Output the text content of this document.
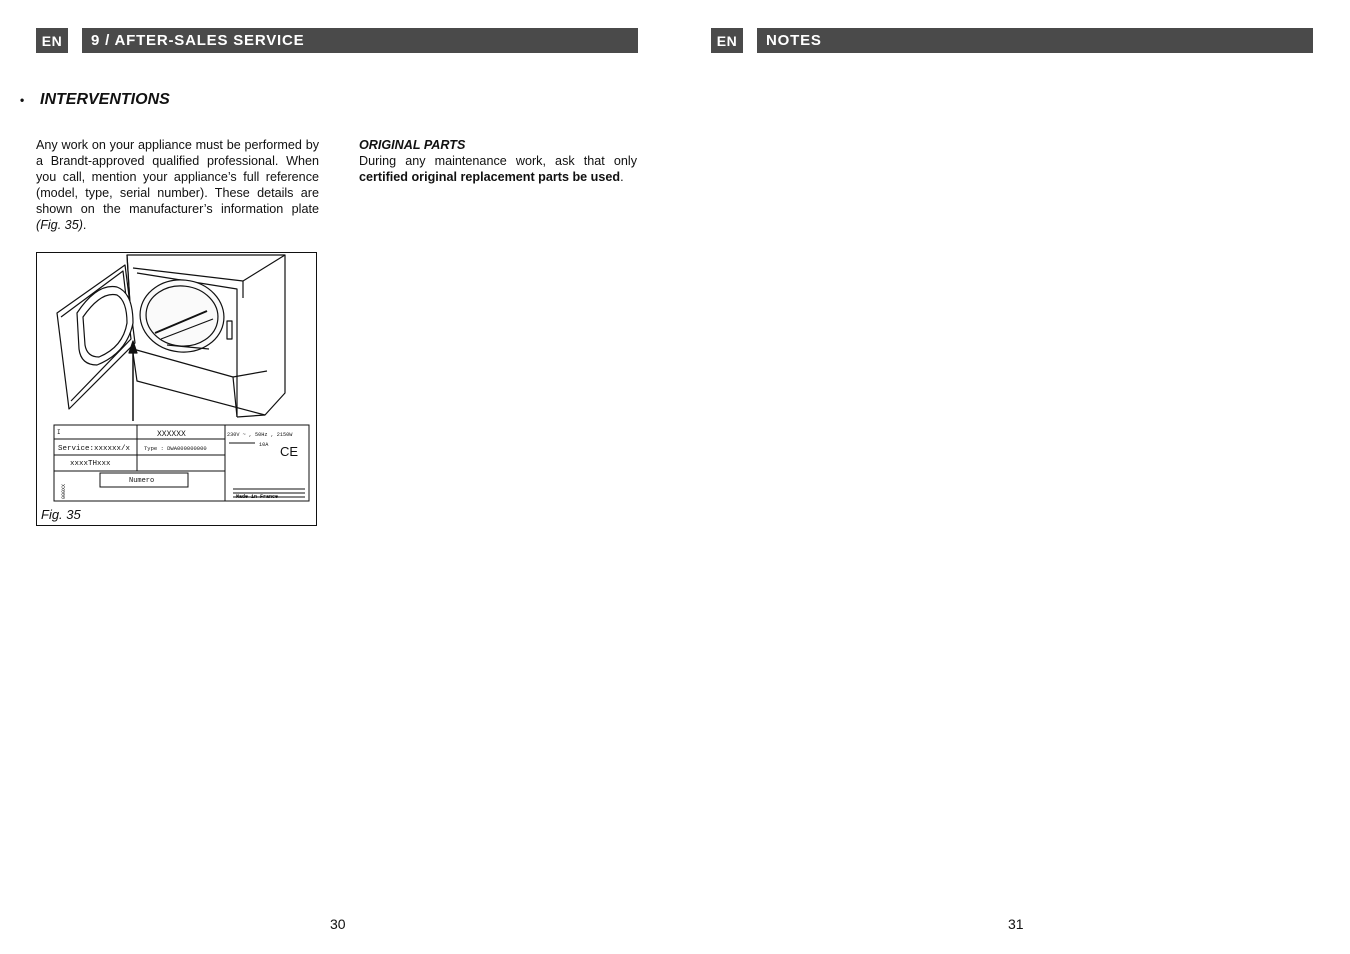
EN	9 / AFTER-SALES SERVICE	EN	NOTES
• INTERVENTIONS
Any work on your appliance must be performed by a Brandt-approved qualified professional. When you call, mention your appliance’s full reference (model, type, serial number). These details are shown on the manufacturer’s information plate (Fig. 35).
ORIGINAL PARTS
During any maintenance work, ask that only certified original replacement parts be used.
I	XXXXXX
Service:xxxxxx/x	Type : DWA000000000
xxxxTHxxx
Numero
000XX
230V ~ , 50Hz , 2150W
10A CE
Made in France
Fig. 35
30	31
